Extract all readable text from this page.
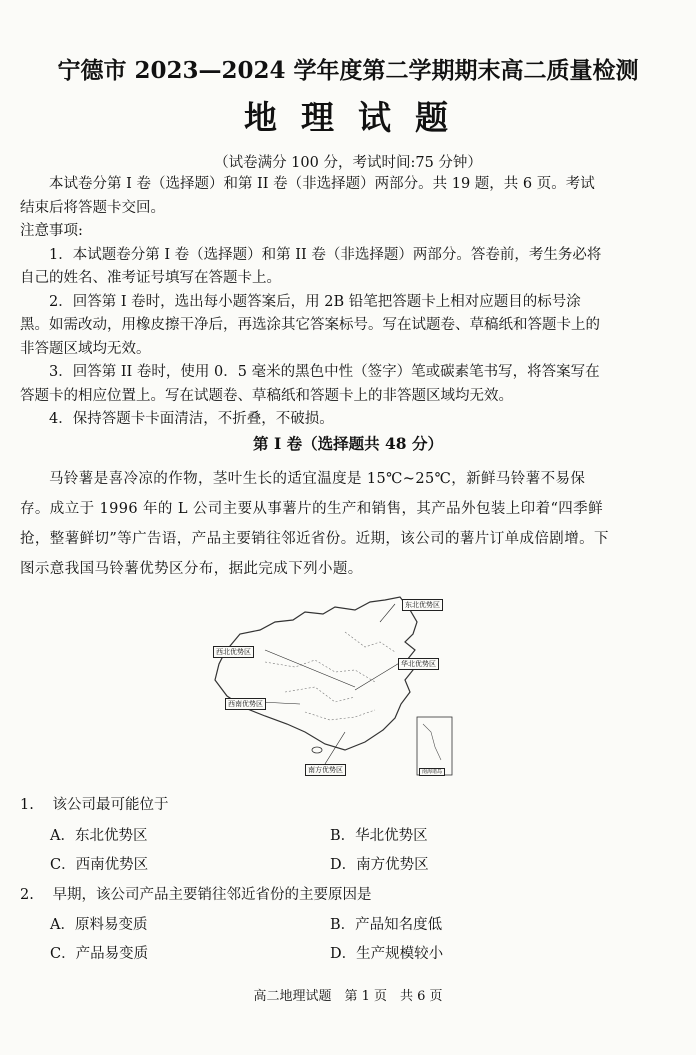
宁德市 2023—2024 学年度第二学期期末高二质量检测
地理试题
（试卷满分 100 分，考试时间:75 分钟）

本试卷分第 I 卷（选择题）和第 II 卷（非选择题）两部分。共 19 题，共 6 页。考试结束后将答题卡交回。

注意事项:

1．本试题卷分第 I 卷（选择题）和第 II 卷（非选择题）两部分。答卷前，考生务必将自己的姓名、准考证号填写在答题卡上。

2．回答第 I 卷时，选出每小题答案后，用 2B 铅笔把答题卡上相对应题目的标号涂黑。如需改动，用橡皮擦干净后，再选涂其它答案标号。写在试题卷、草稿纸和答题卡上的非答题区域均无效。

3．回答第 II 卷时，使用 0．5 毫米的黑色中性（签字）笔或碳素笔书写，将答案写在答题卡的相应位置上。写在试题卷、草稿纸和答题卡上的非答题区域均无效。

4．保持答题卡卡面清洁，不折叠，不破损。

第 I 卷（选择题共 48 分）
马铃薯是喜冷凉的作物，茎叶生长的适宜温度是 15℃~25℃，新鲜马铃薯不易保存。成立于 1996 年的 L 公司主要从事薯片的生产和销售，其产品外包装上印着“四季鲜抢，整薯鲜切”等广告语，产品主要销往邻近省份。近期，该公司的薯片订单成倍剧增。下图示意我国马铃薯优势区分布，据此完成下列小题。
东北优势区
西北优势区
华北优势区
西南优势区
南方优势区	南海诸岛
1. 该公司最可能位于
A．东北优势区	B．华北优势区
C．西南优势区	D．南方优势区
2. 早期，该公司产品主要销往邻近省份的主要原因是
A．原料易变质	B．产品知名度低
C．产品易变质	D．生产规模较小
高二地理试题　第 1 页　共 6 页
